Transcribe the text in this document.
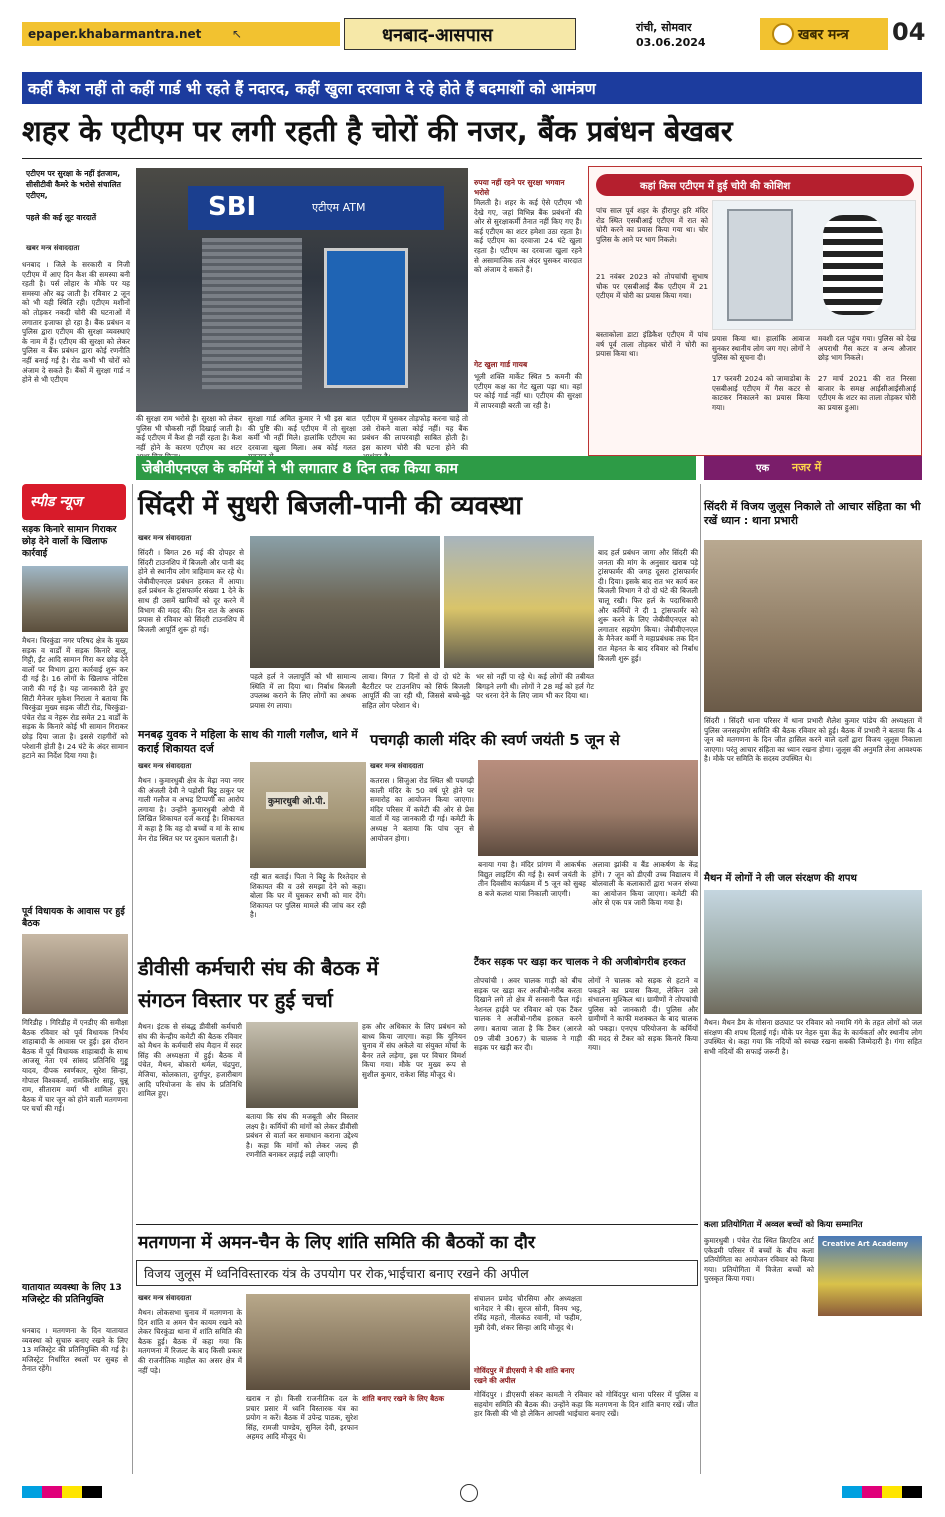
epaper.khabarmantra.net	↖	धनबाद-आसपास	रांची, सोमवार
03.06.2024	खबर मन्त्र 04
कहीं कैश नहीं तो कहीं गार्ड भी रहते हैं नदारद, कहीं खुला दरवाजा दे रहे होते हैं बदमाशों को आमंत्रण
शहर के एटीएम पर लगी रहती है चोरों की नजर, बैंक प्रबंधन बेखबर
एटीएम पर सुरक्षा के नहीं इंतजाम, सीसीटीवी कैमरे के भरोसे संचालित एटीएम,
पहले की कई लूट वारदातें
खबर मन्त्र संवाददाता
धनबाद । जिले के सरकारी व निजी एटीएम में आए दिन कैश की समस्या बनी रहती है। पर्स लोहार के मौके पर यह समस्या और बढ़ जाती है। रविवार 2 जून को भी यही स्थिति रही। एटीएम मशीनों को तोड़कर नकदी चोरी की घटनाओं में लगातार इजाफा हो रहा है। बैंक प्रबंधन व पुलिस द्वारा एटीएम की सुरक्षा व्यवस्थाएं के नाम में हैं। एटीएम की सुरक्षा को लेकर पुलिस व बैंक प्रबंधन द्वारा कोई रणनीति नहीं बनाई गई है। रोड कभी भी चोरों को अंजाम दे सकते हैं। बैंकों में सुरक्षा गार्ड न होने से भी एटीएम
SBI	एटीएम ATM
की सुरक्षा राम भरोसे है। सुरक्षा को लेकर पुलिस भी चौकसी नहीं दिखाई जाती है। कई एटीएम में कैश ही नहीं रहता है। कैश नहीं होने के कारण एटीएम का शटर
सुरक्षा गार्ड अमित कुमार ने भी इस बात की पुष्टि की। कई एटीएम में तो सुरक्षा कर्मी भी नहीं मिले। हालांकि एटीएम का दरवाजा खुला मिला। अब कोई गलत
एटीएम में घुसकर तोड़फोड़ करना चाहे तो उसे रोकने वाला कोई नहीं। यह बैंक प्रबंधन की लापरवाही साबित होती है। इस कारण चोरी की घटना होने की
रुपया नहीं रहने पर सुरक्षा भगवान भरोसे
मिलती है। शहर के कई ऐसे एटीएम भी देखे गए, जहां विभिन्न बैंक प्रबंधनों की ओर से सुरक्षाकर्मी तैनात नहीं किए गए हैं। कई एटीएम का शटर हमेशा उठा रहता है। कई एटीएम का दरवाजा 24 घंटे खुला रहता है। एटीएम का दरवाजा खुला रहने से असामाजिक तत्व अंदर घुसकर वारदात को अंजाम दे सकते हैं।
गेट खुला गार्ड गायब
भूली शक्ति मार्केट स्थित 5 कमनी की एटीएम कक्ष का गेट खुला पड़ा था। वहां पर कोई गार्ड नहीं था। एटीएम की सुरक्षा में लापरवाही बरती जा रही है।
कहां किस एटीएम में हुई चोरी की कोशिश
पांच साल पूर्व शहर के हीरापुर हरि मंदिर रोड स्थित एसबीआई एटीएम में रात को चोरी करने का प्रयास किया गया था। चोर पुलिस के आने पर भाग निकले।
21 नवंबर 2023 को तोपचांची सुभाष चौक पर एसबीआई बैंक एटीएम में 21 एटीएम में चोरी का प्रयास किया गया।
बस्ताकोला डाटा इंडिकैश एटीएम में पांच वर्ष पूर्व ताला तोड़कर चोरों ने चोरी का प्रयास किया था।
प्रयास किया था। हालांकि आवाज सुनकर स्थानीय लोग जग गए। लोगों ने पुलिस को सूचना दी।
17 फरवरी 2024 को जामाडोबा के एसबीआई एटीएम में गैस कटर से काटकर निकालने का प्रयास किया गया।
मवशी दल पहुंच गया। पुलिस को देख अपराधी गैस कटर व अन्य औजार छोड़ भाग निकले।
27 मार्च 2021 की रात निरसा बाजार के समक्ष आईसीआईसीआई एटीएम के शटर का ताला तोड़कर चोरी का प्रयास हुआ।
जेबीवीएनएल के कर्मियों ने भी लगातार 8 दिन तक किया काम	एक नजर में
स्पीड न्यूज
सड़क किनारे सामान गिराकर छोड़ देने वालों के खिलाफ कार्रवाई
मैथन। चिरकुंडा नगर परिषद क्षेत्र के मुख्य सड़क व वार्डों में सड़क किनारे बालू, गिट्टी, ईंट आदि सामान गिरा कर छोड़ देने वालों पर विभाग द्वारा कार्रवाई शुरू कर दी गई है। 16 लोगों के खिलाफ नोटिस जारी की गई है। यह जानकारी देते हुए सिटी मैनेजर मुकेश निराला ने बताया कि चिरकुंडा मुख्य सड़क जीटी रोड, चिरकुंडा-पंचेत रोड व नेहरू रोड समेत 21 वार्डों के सड़क के किनारे कोई भी सामान गिराकर छोड़ दिया जाता है। इससे राहगीरों को परेशानी होती है। 24 घंटे के अंदर सामान हटाने का निर्देश दिया गया है।
पूर्व विधायक के आवास पर हुई बैठक
गिरिडीह । गिरिडीह में एनडीए की समीक्षा बैठक रविवार को पूर्व विधायक निर्भय शाहाबादी के आवास पर हुई। इस दौरान बैठक में पूर्व विधायक शाहाबादी के साथ आजसू नेता एवं सांसद प्रतिनिधि गुड्डू यादव, दीपक स्वर्णकार, सुरेश सिन्हा, गोपाल विश्वकर्मा, रामकिशोर साहू, चुन्नू राम, सीताराम वर्मा भी शामिल हुए। बैठक में चार जून को होने वाली मतगणना पर चर्चा की गई।
यातायात व्यवस्था के लिए 13 मजिस्ट्रेट की प्रतिनियुक्ति
धनबाद । मतगणना के दिन यातायात व्यवस्था को सुचारु बनाए रखने के लिए 13 मजिस्ट्रेट की प्रतिनियुक्ति की गई है। मजिस्ट्रेट निर्धारित स्थलों पर सुबह से तैनात रहेंगे।
सिंदरी में सुधरी बिजली-पानी की व्यवस्था
खबर मन्त्र संवाददाता
सिंदरी । बिगत 26 मई की दोपहर से सिंदरी टाउनशिप में बिजली और पानी बंद होने से स्थानीय लोग त्राहिमाम कर रहे थे। जेबीवीएनएल प्रबंधन हरकत में आया। हर्ल प्रबंधन के ट्रांसफार्मर संख्या 1 देने के साथ ही उसमें खामियों को दूर करने में विभाग की मदद की। दिन रात के अथक प्रयास से रविवार को सिंदरी टाउनशिप में बिजली आपूर्ति शुरू हो गई।
पहले हर्ल ने जलापूर्ति को भी सामान्य स्थिति में ला दिया था। निर्बाध बिजली उपलब्ध कराने के लिए लोगों का अथक प्रयास रंग लाया।
लाया। विगत 7 दिनों से दो दो घंटे के बैटरीटर पर टाउनशिप को सिर्फ बिजली आपूर्ति की जा रही थी, जिससे बच्चे-बूढ़े सहित लोग परेशान थे।
भर सो नहीं पा रहे थे। कई लोगों की तबीयत बिगड़ने लगी थी। लोगों ने 28 मई को हर्ल गेट पर धरना देने के लिए जाम भी कर दिया था।
बाद हर्ल प्रबंधन जागा और सिंदरी की जनता की मांग के अनुसार खराब पड़े ट्रांसफार्मर की जगह दूसरा ट्रांसफार्मर दी। दिया। इसके बाद रात भर कार्य कर बिजली विभाग ने दो दो घंटे की बिजली चालू रखी। फिर हर्ल के पदाधिकारी और कर्मियों ने दी 1 ट्रांसफार्मर को शुरू करने के लिए जेबीवीएनएल को लगातार सहयोग किया। जेबीवीएनएल के मैनेजर कर्मी ने महाप्रबंधक तक दिन रात मेहनत के बाद रविवार को निर्बाध बिजली शुरू हुई।
सिंदरी में विजय जुलूस निकाले तो आचार संहिता का भी रखें ध्यान : थाना प्रभारी
सिंदरी । सिंदरी थाना परिसर में थाना प्रभारी शैलेश कुमार पांडेय की अध्यक्षता में पुलिस जनसहयोग समिति की बैठक रविवार को हुई। बैठक में प्रभारी ने बताया कि 4 जून को मतगणना के दिन जीत हासिल करने वाले दलों द्वारा विजय जुलूस निकाला जाएगा। परंतु आचार संहिता का ध्यान रखना होगा। जुलूस की अनुमति लेना आवश्यक है। मौके पर समिति के सदस्य उपस्थित थे।
मैथन में लोगों ने ली जल संरक्षण की शपथ
मैथन। मैथन डैम के गोसना छठघाट पर रविवार को नमामि गंगे के तहत लोगों को जल संरक्षण की शपथ दिलाई गई। मौके पर नेहरु युवा केंद्र के कार्यकर्ता और स्थानीय लोग उपस्थित थे। कहा गया कि नदियों को स्वच्छ रखना सबकी जिम्मेदारी है। गंगा सहित सभी नदियों की सफाई जरूरी है।
कला प्रतियोगिता में अव्वल बच्चों को किया सम्मानित
कुमारधुबी । पंचेत रोड स्थित क्रिएटिव आर्ट एकेडमी परिसर में बच्चों के बीच कला प्रतियोगिता का आयोजन रविवार को किया गया। प्रतियोगिता में विजेता बच्चों को पुरस्कृत किया गया।
Creative Art Academy
मनबढ़ युवक ने महिला के साथ की गाली गलौज, थाने में कराई शिकायत दर्ज
खबर मन्त्र संवाददाता
मैथन । कुमारधुबी क्षेत्र के मेढ़ा नया नगर की अंजली देवी ने पड़ोसी बिट्टू ठाकुर पर गाली गलौज व अभद्र टिप्पणी का आरोप लगाया है। उन्होंने कुमारधुबी ओपी में लिखित शिकायत दर्ज कराई है। शिकायत में कहा है कि वह दो बच्चों व मां के साथ मेन रोड स्थित घर पर दुकान चलाती है।
कुमारधुबी ओ.पी.
रही बात बताई। पिता ने बिट्टू के रिश्तेदार से शिकायत की व उसे समझा देने को कहा। बोला कि घर में घुसकर सभी को मार देंगे। शिकायत पर पुलिस मामले की जांच कर रही है।
पचगढ़ी काली मंदिर की स्वर्ण जयंती 5 जून से
खबर मन्त्र संवाददाता
कतरास । सिजुआ रोड स्थित श्री पचगढ़ी काली मंदिर के 50 वर्ष पूरे होने पर समारोह का आयोजन किया जाएगा। मंदिर परिसर में कमेटी की ओर से प्रेस वार्ता में यह जानकारी दी गई। कमेटी के अध्यक्ष ने बताया कि पांच जून से आयोजन होगा।
बनाया गया है। मंदिर प्रांगण में आकर्षक विद्युत लाइटिंग की गई है। स्वर्ण जयंती के तीन दिवसीय कार्यक्रम में 5 जून को सुबह 8 बजे कलश यात्रा निकाली जाएगी।
अलावा झांकी व बैंड आकर्षण के केंद्र होंगे। 7 जून को डीएवी उच्च विद्यालय में बोलवाली के कलाकारों द्वारा भजन संध्या का आयोजन किया जाएगा। कमेटी की ओर से एक पत्र जारी किया गया है।
डीवीसी कर्मचारी संघ की बैठक में
संगठन विस्तार पर हुई चर्चा
मैथन। इंटक से संबद्ध डीवीसी कर्मचारी संघ की केन्द्रीय कमेटी की बैठक रविवार को मैथन के कर्मचारी संघ मैदान में सदर सिंह की अध्यक्षता में हुई। बैठक में पंचेत, मैथन, बोकारो थर्मल, चंद्रपुरा, मेजिया, कोलकाता, दुर्गापुर, हजारीबाग आदि परियोजना के संघ के प्रतिनिधि शामिल हुए।
बताया कि संघ की मजबूती और विस्तार लक्ष्य है। कर्मियों की मांगों को लेकर डीवीसी प्रबंधन से वार्ता कर समाधान कराना उद्देश्य है। कहा कि मांगों को लेकर जल्द ही रणनीति बनाकर लड़ाई लड़ी जाएगी।
हक और अधिकार के लिए प्रबंधन को बाध्य किया जाएगा। कहा कि यूनियन चुनाव में संघ अकेले या संयुक्त मोर्चा के बैनर तले लड़ेगा, इस पर विचार विमर्श किया गया। मौके पर मुख्य रूप से सुशील कुमार, राकेश सिंह मौजूद थे।
टैंकर सड़क पर खड़ा कर चालक ने की अजीबोगरीब हरकत
तोपचांची । अवर चालक गाड़ी को बीच सड़क पर खड़ा कर अजीबो-गरीब करता दिखाने लगे तो क्षेत्र में सनसनी फैल गई। नेशनल हाईवे पर रविवार को एक टैंकर चालक ने अजीबो-गरीब हरकत करने लगा। बताया जाता है कि टैंकर (आरजे 09 जीबी 3067) के चालक ने गाड़ी सड़क पर खड़ी कर दी।
लोगों ने चालक को सड़क से हटाने व पकड़ने का प्रयास किया, लेकिन उसे संभालना मुश्किल था। ग्रामीणों ने तोपचांची पुलिस को जानकारी दी। पुलिस और ग्रामीणों ने काफी मशक्कत के बाद चालक को पकड़ा। एनएच परियोजना के कर्मियों की मदद से टैंकर को सड़क किनारे किया गया।
मतगणना में अमन-चैन के लिए शांति समिति की बैठकों का दौर
विजय जुलूस में ध्वनिविस्तारक यंत्र के उपयोग पर रोक,भाईचारा बनाए रखने की अपील
खबर मन्त्र संवाददाता
मैथन। लोकसभा चुनाव में मतगणना के दिन शांति व अमन चैन कायम रखने को लेकर चिरकुंडा थाना में शांति समिति की बैठक हुई। बैठक में कहा गया कि मतगणना में रिजल्ट के बाद किसी प्रकार की राजनीतिक माहौल का असर क्षेत्र में नहीं पड़े।
खराब न हो। किसी राजनीतिक दल के प्रचार प्रसार में ध्वनि विस्तारक यंत्र का प्रयोग न करें। बैठक में उपेन्द्र पाठक, सुरेश सिंह, रामजी पाण्डेय, सुनिल देवी, इरफान अहमद आदि मौजूद थे।
शांति बनाए रखने के लिए बैठक
संचालन प्रमोद चौरसिया और अध्यक्षता थानेदार ने की। सुरज सोनी, विनय भट्ट, रविंद्र महतो, नीलकंठ रवानी, मो फहीम, मुन्नी देवी, शंकर सिन्हा आदि मौजूद थे।
गोविंदपुर में डीएसपी ने की शांति बनाए रखने की अपील
गोविंदपुर । डीएसपी संकर कामती ने रविवार को गोविंदपुर थाना परिसर में पुलिस व सहयोग समिति की बैठक की। उन्होंने कहा कि मतगणना के दिन शांति बनाए रखें। जीत हार किसी की भी हो लेकिन आपसी भाईचारा बनाए रखें।
